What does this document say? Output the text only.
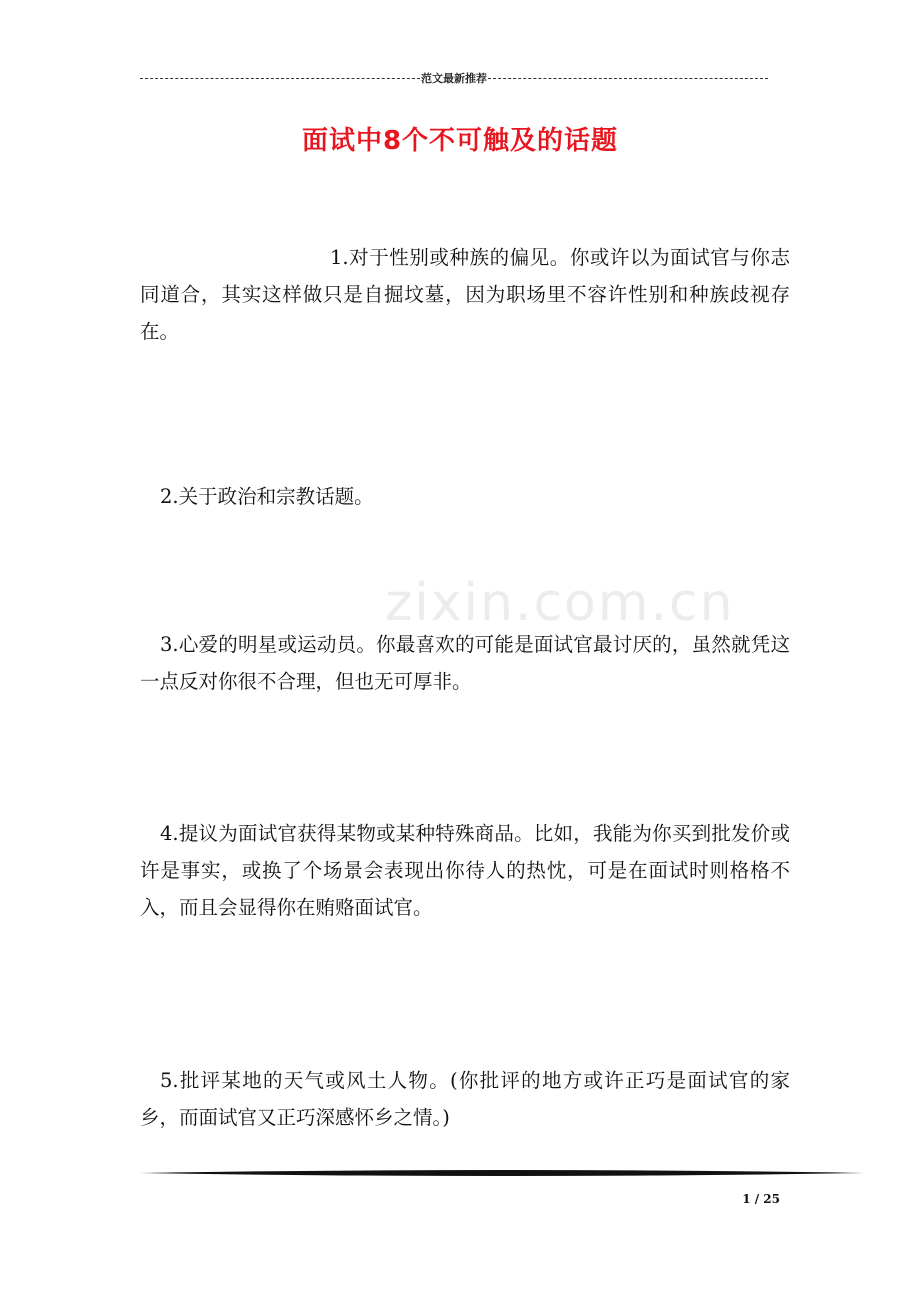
范文最新推荐
面试中8个不可触及的话题
zixin.com.cn

1.对于性别或种族的偏见。你或许以为面试官与你志同道合，其实这样做只是自掘坟墓，因为职场里不容许性别和种族歧视存在。

2.关于政治和宗教话题。

3.心爱的明星或运动员。你最喜欢的可能是面试官最讨厌的，虽然就凭这一点反对你很不合理，但也无可厚非。

4.提议为面试官获得某物或某种特殊商品。比如，我能为你买到批发价或许是事实，或换了个场景会表现出你待人的热忱，可是在面试时则格格不入，而且会显得你在贿赂面试官。

5.批评某地的天气或风土人物。(你批评的地方或许正巧是面试官的家乡，而面试官又正巧深感怀乡之情。)

1 / 25
